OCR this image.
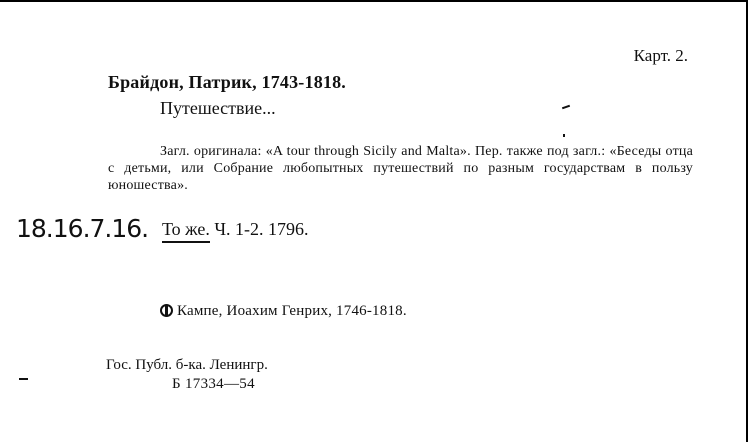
Карт. 2.
Брайдон, Патрик, 1743-1818.
Путешествие...
Загл. оригинала: «A tour through Sicily and Malta». Пер. также под загл.: «Беседы отца с детьми, или Собрание любопытных путешествий по разным государствам в пользу юношества».
18.16.7.16. То же. Ч. 1-2. 1796.
Кампе, Иоахим Генрих, 1746-1818.
Гос. Публ. б-ка. Ленингр.
Б 17334—54
